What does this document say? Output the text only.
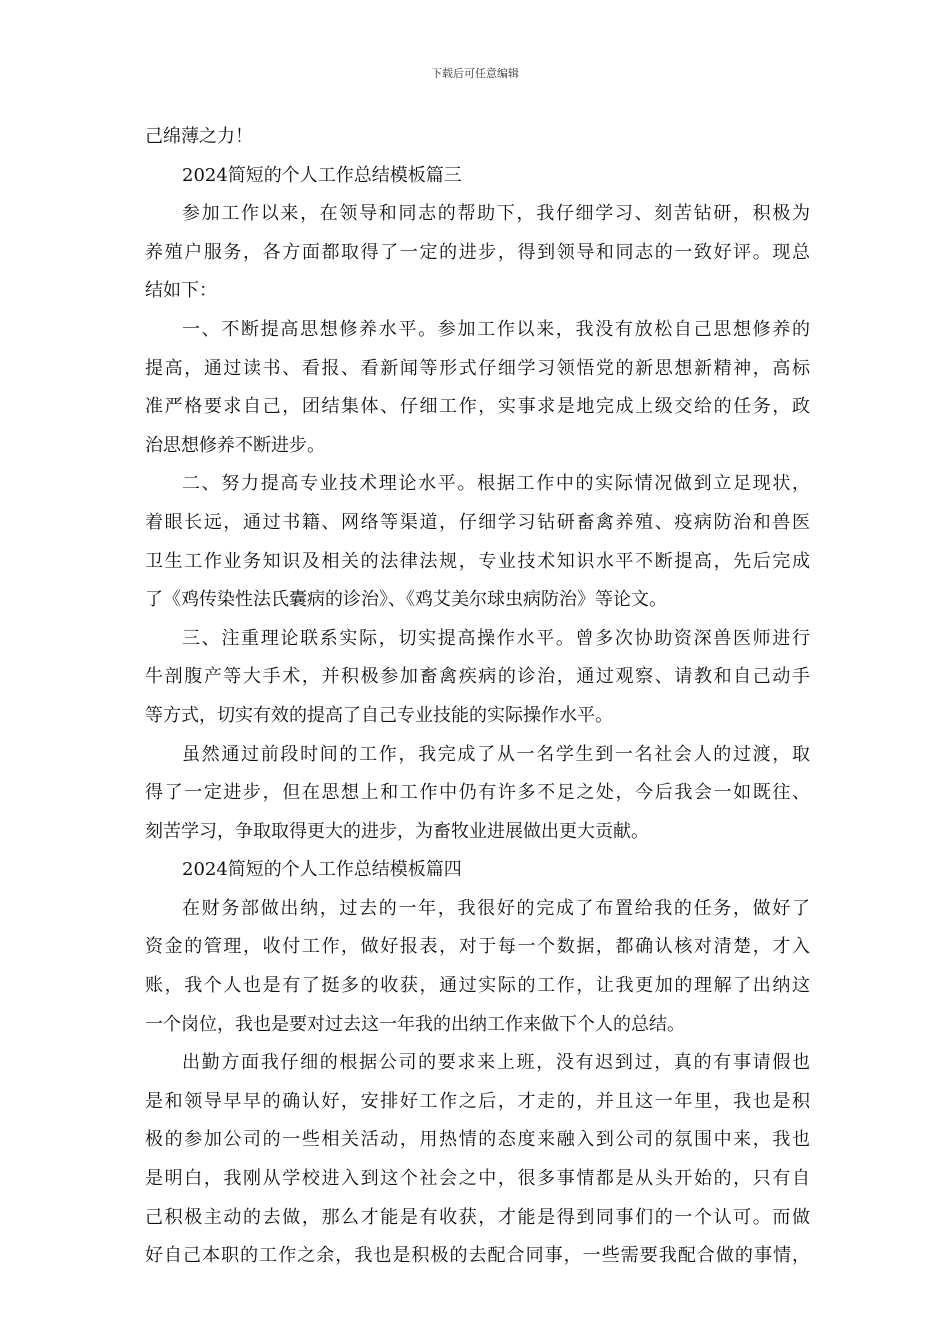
下载后可任意编辑
己绵薄之力！
2024简短的个人工作总结模板篇三
参加工作以来，在领导和同志的帮助下，我仔细学习、刻苦钻研，积极为
养殖户服务，各方面都取得了一定的进步，得到领导和同志的一致好评。现总
结如下：
一、不断提高思想修养水平。参加工作以来，我没有放松自己思想修养的
提高，通过读书、看报、看新闻等形式仔细学习领悟党的新思想新精神，高标
准严格要求自己，团结集体、仔细工作，实事求是地完成上级交给的任务，政
治思想修养不断进步。
二、努力提高专业技术理论水平。根据工作中的实际情况做到立足现状，
着眼长远，通过书籍、网络等渠道，仔细学习钻研畜禽养殖、疫病防治和兽医
卫生工作业务知识及相关的法律法规，专业技术知识水平不断提高，先后完成
了《鸡传染性法氏囊病的诊治》、《鸡艾美尔球虫病防治》等论文。
三、注重理论联系实际，切实提高操作水平。曾多次协助资深兽医师进行
牛剖腹产等大手术，并积极参加畜禽疾病的诊治，通过观察、请教和自己动手
等方式，切实有效的提高了自己专业技能的实际操作水平。
虽然通过前段时间的工作，我完成了从一名学生到一名社会人的过渡，取
得了一定进步，但在思想上和工作中仍有许多不足之处，今后我会一如既往、
刻苦学习，争取取得更大的进步，为畜牧业进展做出更大贡献。
2024简短的个人工作总结模板篇四
在财务部做出纳，过去的一年，我很好的完成了布置给我的任务，做好了
资金的管理，收付工作，做好报表，对于每一个数据，都确认核对清楚，才入
账，我个人也是有了挺多的收获，通过实际的工作，让我更加的理解了出纳这
一个岗位，我也是要对过去这一年我的出纳工作来做下个人的总结。
出勤方面我仔细的根据公司的要求来上班，没有迟到过，真的有事请假也
是和领导早早的确认好，安排好工作之后，才走的，并且这一年里，我也是积
极的参加公司的一些相关活动，用热情的态度来融入到公司的氛围中来，我也
是明白，我刚从学校进入到这个社会之中，很多事情都是从头开始的，只有自
己积极主动的去做，那么才能是有收获，才能是得到同事们的一个认可。而做
好自己本职的工作之余，我也是积极的去配合同事，一些需要我配合做的事情，
